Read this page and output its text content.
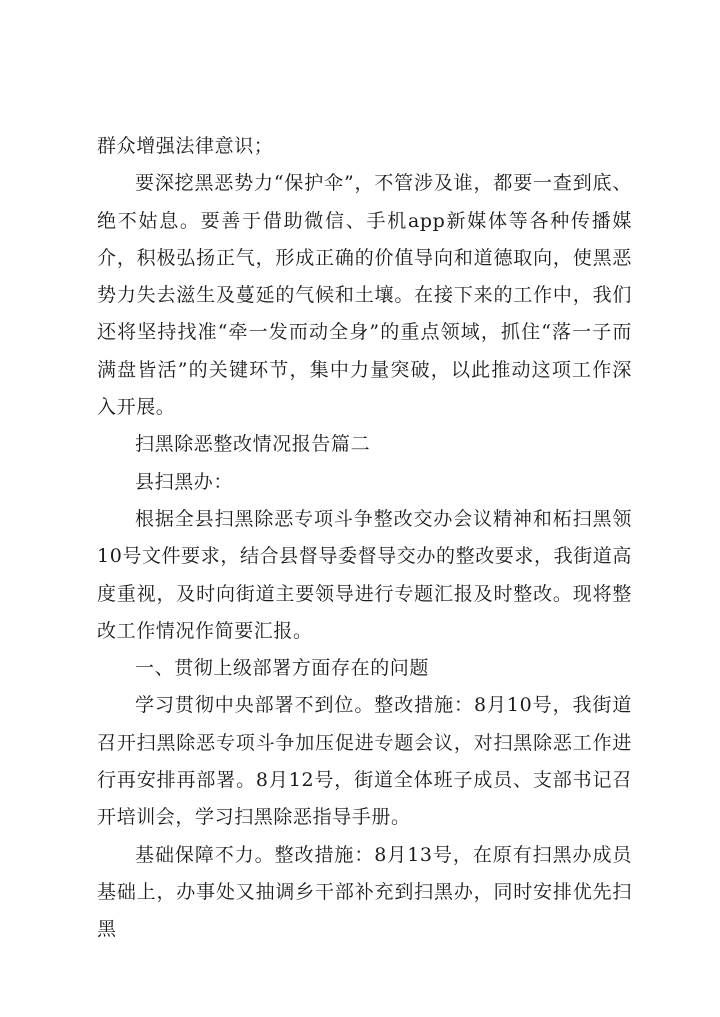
群众增强法律意识；

要深挖黑恶势力“保护伞”，不管涉及谁，都要一查到底、绝不姑息。要善于借助微信、手机app新媒体等各种传播媒介，积极弘扬正气，形成正确的价值导向和道德取向，使黑恶势力失去滋生及蔓延的气候和土壤。在接下来的工作中，我们还将坚持找准“牵一发而动全身”的重点领域，抓住“落一子而满盘皆活”的关键环节，集中力量突破，以此推动这项工作深入开展。

扫黑除恶整改情况报告篇二

县扫黑办：

根据全县扫黑除恶专项斗争整改交办会议精神和柘扫黑领10号文件要求，结合县督导委督导交办的整改要求，我街道高度重视，及时向街道主要领导进行专题汇报及时整改。现将整改工作情况作简要汇报。

一、贯彻上级部署方面存在的问题

学习贯彻中央部署不到位。整改措施：8月10号，我街道召开扫黑除恶专项斗争加压促进专题会议，对扫黑除恶工作进行再安排再部署。8月12号，街道全体班子成员、支部书记召开培训会，学习扫黑除恶指导手册。

基础保障不力。整改措施：8月13号，在原有扫黑办成员基础上，办事处又抽调乡干部补充到扫黑办，同时安排优先扫黑
